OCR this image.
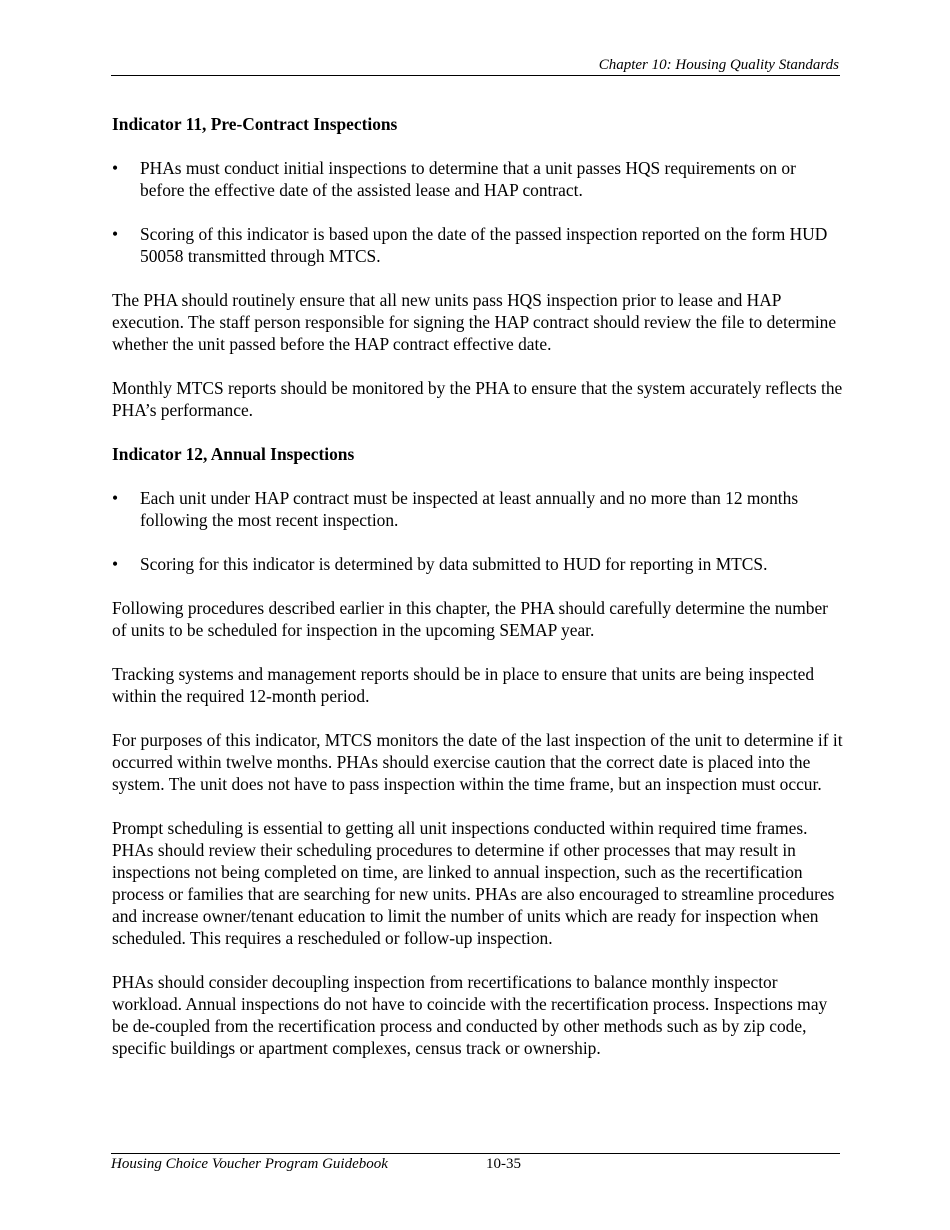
Chapter 10: Housing Quality Standards
Indicator 11, Pre-Contract Inspections
•	PHAs must conduct initial inspections to determine that a unit passes HQS requirements on or before the effective date of the assisted lease and HAP contract.
•	Scoring of this indicator is based upon the date of the passed inspection reported on the form HUD 50058 transmitted through MTCS.

The PHA should routinely ensure that all new units pass HQS inspection prior to lease and HAP execution. The staff person responsible for signing the HAP contract should review the file to determine whether the unit passed before the HAP contract effective date.

Monthly MTCS reports should be monitored by the PHA to ensure that the system accurately reflects the PHA’s performance.

Indicator 12, Annual Inspections
•	Each unit under HAP contract must be inspected at least annually and no more than 12 months following the most recent inspection.
•	Scoring for this indicator is determined by data submitted to HUD for reporting in MTCS.

Following procedures described earlier in this chapter, the PHA should carefully determine the number of units to be scheduled for inspection in the upcoming SEMAP year.

Tracking systems and management reports should be in place to ensure that units are being inspected within the required 12-month period.

For purposes of this indicator, MTCS monitors the date of the last inspection of the unit to determine if it occurred within twelve months. PHAs should exercise caution that the correct date is placed into the system. The unit does not have to pass inspection within the time frame, but an inspection must occur.

Prompt scheduling is essential to getting all unit inspections conducted within required time frames. PHAs should review their scheduling procedures to determine if other processes that may result in inspections not being completed on time, are linked to annual inspection, such as the recertification process or families that are searching for new units. PHAs are also encouraged to streamline procedures and increase owner/tenant education to limit the number of units which are ready for inspection when scheduled. This requires a rescheduled or follow-up inspection.

PHAs should consider decoupling inspection from recertifications to balance monthly inspector workload. Annual inspections do not have to coincide with the recertification process. Inspections may be de-coupled from the recertification process and conducted by other methods such as by zip code, specific buildings or apartment complexes, census track or ownership.

Housing Choice Voucher Program Guidebook	10-35
